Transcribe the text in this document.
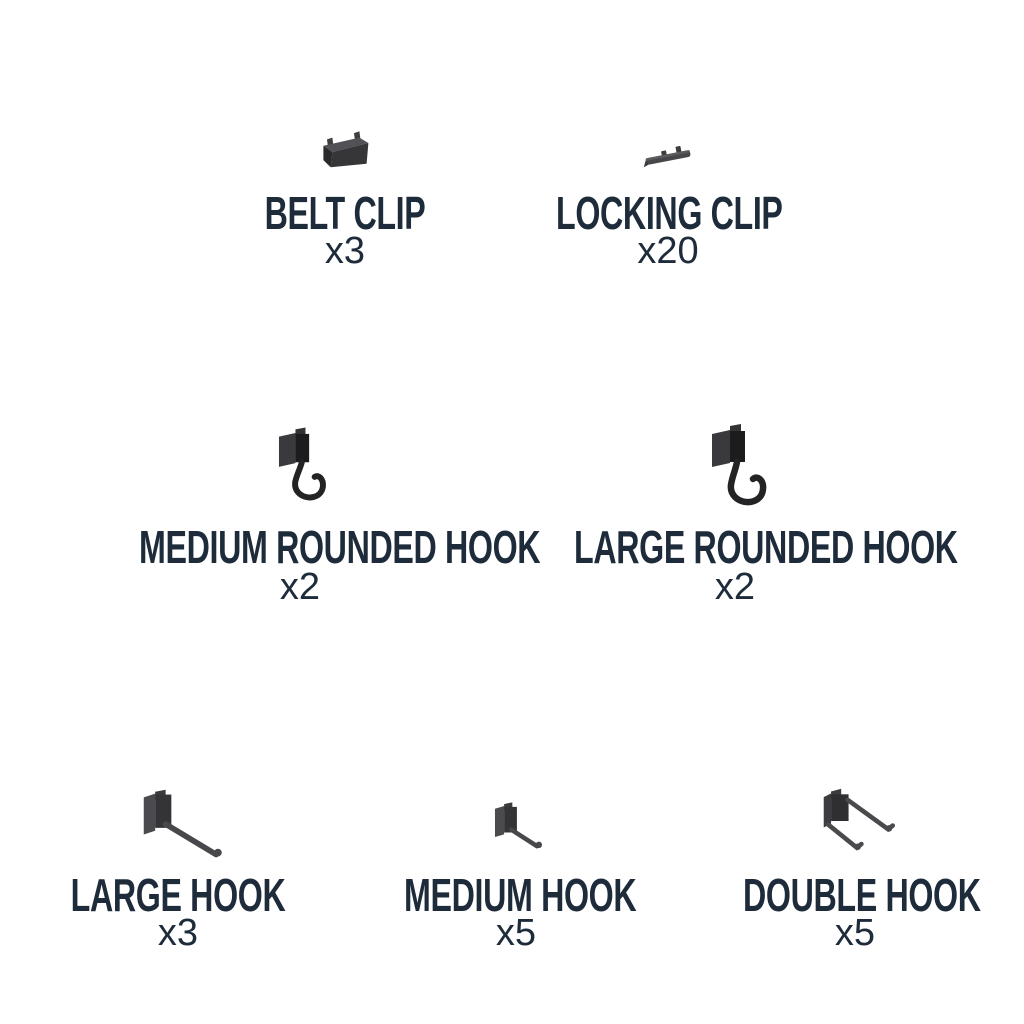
BELT CLIP
x3
LOCKING CLIP
x20
MEDIUM ROUNDED HOOK
x2
LARGE ROUNDED HOOK
x2
LARGE HOOK
x3
MEDIUM HOOK
x5
DOUBLE HOOK
x5
